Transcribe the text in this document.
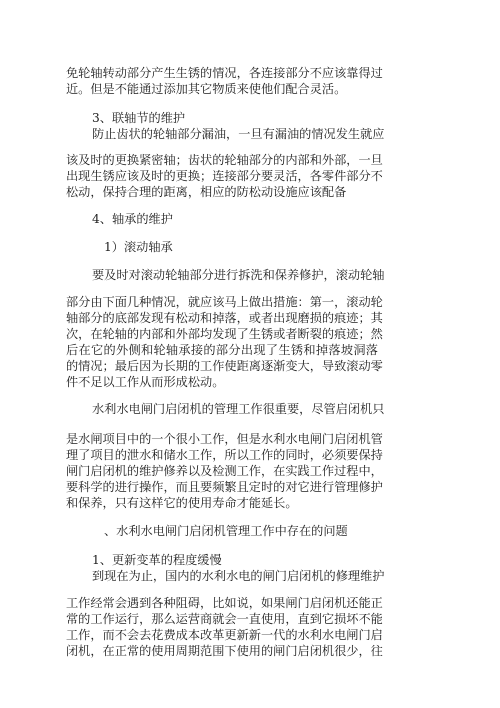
免轮轴转动部分产生生锈的情况，各连接部分不应该靠得过
近。但是不能通过添加其它物质来使他们配合灵活。
3、联轴节的维护
防止齿状的轮轴部分漏油，一旦有漏油的情况发生就应
该及时的更换紧密轴；齿状的轮轴部分的内部和外部，一旦
出现生锈应该及时的更换；连接部分要灵活，各零件部分不
松动，保持合理的距离，相应的防松动设施应该配备
4、轴承的维护
1）滚动轴承
要及时对滚动轮轴部分进行拆洗和保养修护，滚动轮轴
部分由下面几种情况，就应该马上做出措施：第一，滚动轮
轴部分的底部发现有松动和掉落，或者出现磨损的痕迹；其
次，在轮轴的内部和外部均发现了生锈或者断裂的痕迹；然
后在它的外侧和轮轴承接的部分出现了生锈和掉落坡洞落
的情况；最后因为长期的工作使距离逐渐变大，导致滚动零
件不足以工作从而形成松动。
水利水电闸门启闭机的管理工作很重要，尽管启闭机只
是水闸项目中的一个很小工作，但是水利水电闸门启闭机管
理了项目的泄水和储水工作，所以工作的同时，必须要保持
闸门启闭机的维护修养以及检测工作，在实践工作过程中，
要科学的进行操作，而且要频繁且定时的对它进行管理修护
和保养，只有这样它的使用寿命才能延长。
、水利水电闸门启闭机管理工作中存在的问题
1、更新变革的程度缓慢
到现在为止，国内的水利水电的闸门启闭机的修理维护
工作经常会遇到各种阻碍，比如说，如果闸门启闭机还能正
常的工作运行，那么运营商就会一直使用，直到它损坏不能
工作，而不会去花费成本改革更新新一代的水利水电闸门启
闭机，在正常的使用周期范围下使用的闸门启闭机很少，往
